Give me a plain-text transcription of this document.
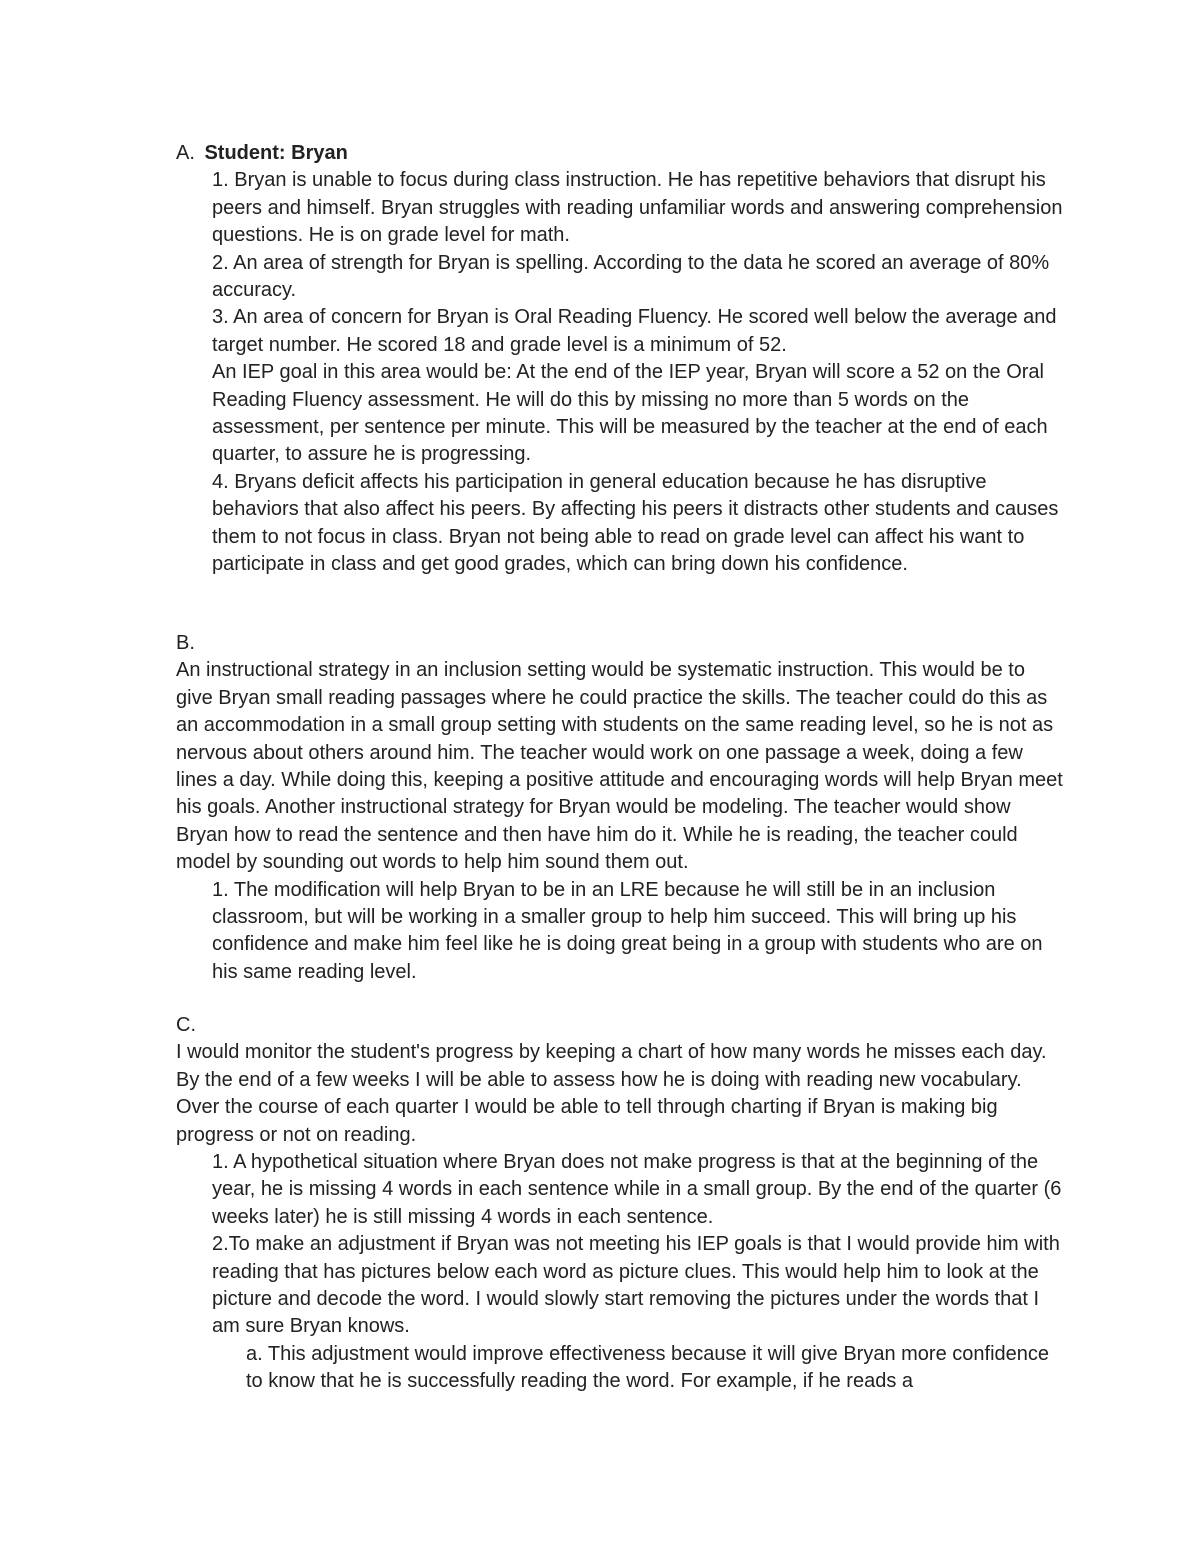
A. Student: Bryan

1. Bryan is unable to focus during class instruction. He has repetitive behaviors that disrupt his peers and himself. Bryan struggles with reading unfamiliar words and answering comprehension questions. He is on grade level for math.

2. An area of strength for Bryan is spelling. According to the data he scored an average of 80% accuracy.

3. An area of concern for Bryan is Oral Reading Fluency. He scored well below the average and target number. He scored 18 and grade level is a minimum of 52.

An IEP goal in this area would be: At the end of the IEP year, Bryan will score a 52 on the Oral Reading Fluency assessment. He will do this by missing no more than 5 words on the assessment, per sentence per minute. This will be measured by the teacher at the end of each quarter, to assure he is progressing.

4. Bryans deficit affects his participation in general education because he has disruptive behaviors that also affect his peers. By affecting his peers it distracts other students and causes them to not focus in class. Bryan not being able to read on grade level can affect his want to participate in class and get good grades, which can bring down his confidence.

B.

An instructional strategy in an inclusion setting would be systematic instruction. This would be to give Bryan small reading passages where he could practice the skills. The teacher could do this as an accommodation in a small group setting with students on the same reading level, so he is not as nervous about others around him. The teacher would work on one passage a week, doing a few lines a day. While doing this, keeping a positive attitude and encouraging words will help Bryan meet his goals. Another instructional strategy for Bryan would be modeling. The teacher would show Bryan how to read the sentence and then have him do it. While he is reading, the teacher could model by sounding out words to help him sound them out.

1. The modification will help Bryan to be in an LRE because he will still be in an inclusion classroom, but will be working in a smaller group to help him succeed. This will bring up his confidence and make him feel like he is doing great being in a group with students who are on his same reading level.

C.

I would monitor the student's progress by keeping a chart of how many words he misses each day. By the end of a few weeks I will be able to assess how he is doing with reading new vocabulary. Over the course of each quarter I would be able to tell through charting if Bryan is making big progress or not on reading.

1. A hypothetical situation where Bryan does not make progress is that at the beginning of the year, he is missing 4 words in each sentence while in a small group. By the end of the quarter (6 weeks later) he is still missing 4 words in each sentence.

2.To make an adjustment if Bryan was not meeting his IEP goals is that I would provide him with reading that has pictures below each word as picture clues. This would help him to look at the picture and decode the word. I would slowly start removing the pictures under the words that I am sure Bryan knows.

a. This adjustment would improve effectiveness because it will give Bryan more confidence to know that he is successfully reading the word. For example, if he reads a
